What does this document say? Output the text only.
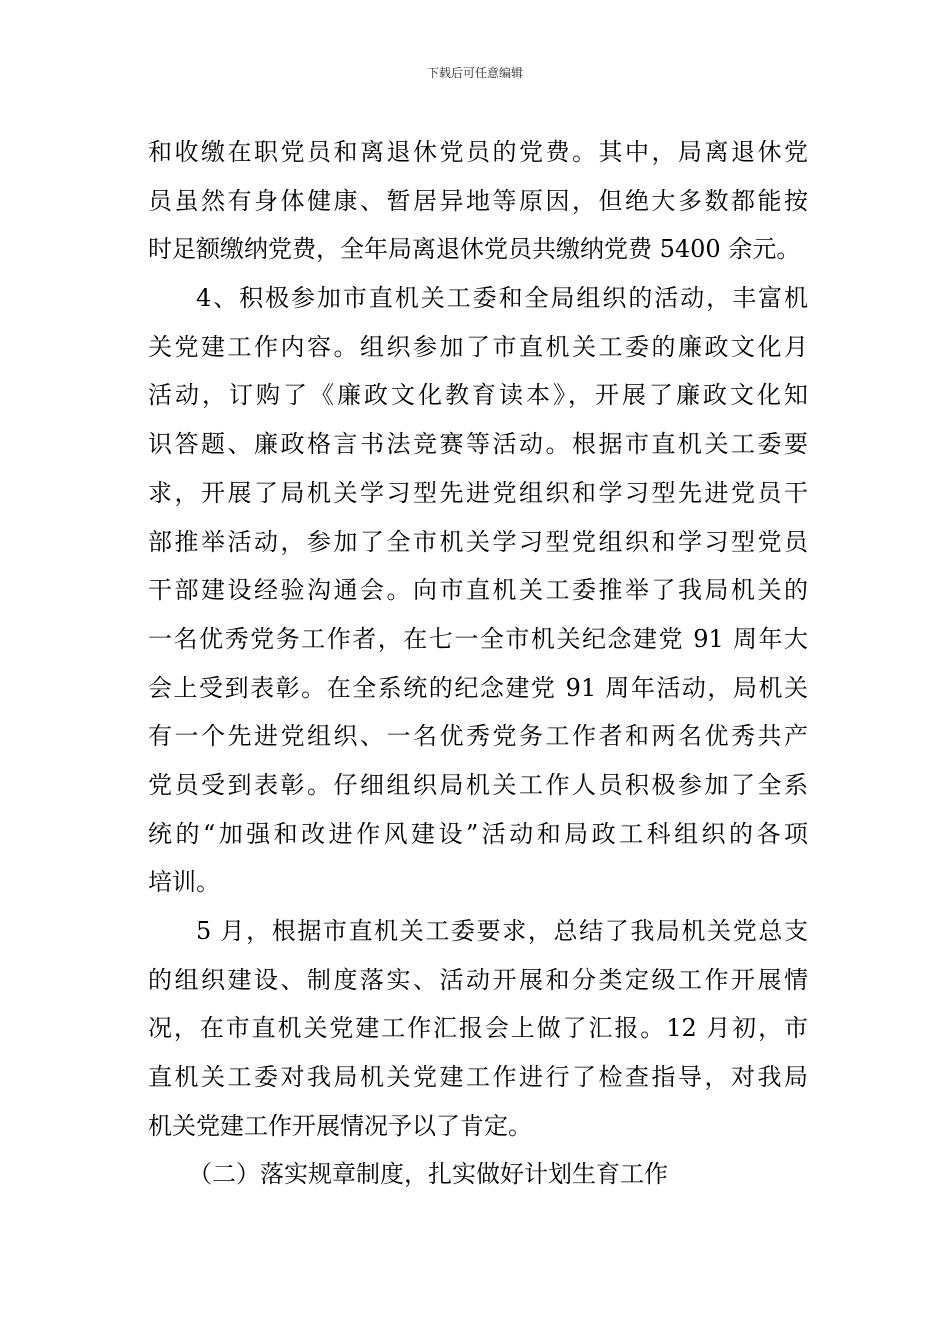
下载后可任意编辑
和收缴在职党员和离退休党员的党费。其中，局离退休党
员虽然有身体健康、暂居异地等原因，但绝大多数都能按
时足额缴纳党费，全年局离退休党员共缴纳党费 5400 余元。
4、积极参加市直机关工委和全局组织的活动，丰富机
关党建工作内容。组织参加了市直机关工委的廉政文化月
活动，订购了《廉政文化教育读本》，开展了廉政文化知
识答题、廉政格言书法竞赛等活动。根据市直机关工委要
求，开展了局机关学习型先进党组织和学习型先进党员干
部推举活动，参加了全市机关学习型党组织和学习型党员
干部建设经验沟通会。向市直机关工委推举了我局机关的
一名优秀党务工作者，在七一全市机关纪念建党 91 周年大
会上受到表彰。在全系统的纪念建党 91 周年活动，局机关
有一个先进党组织、一名优秀党务工作者和两名优秀共产
党员受到表彰。仔细组织局机关工作人员积极参加了全系
统的“加强和改进作风建设”活动和局政工科组织的各项
培训。
5 月，根据市直机关工委要求，总结了我局机关党总支
的组织建设、制度落实、活动开展和分类定级工作开展情
况，在市直机关党建工作汇报会上做了汇报。12 月初，市
直机关工委对我局机关党建工作进行了检查指导，对我局
机关党建工作开展情况予以了肯定。
（二）落实规章制度，扎实做好计划生育工作
